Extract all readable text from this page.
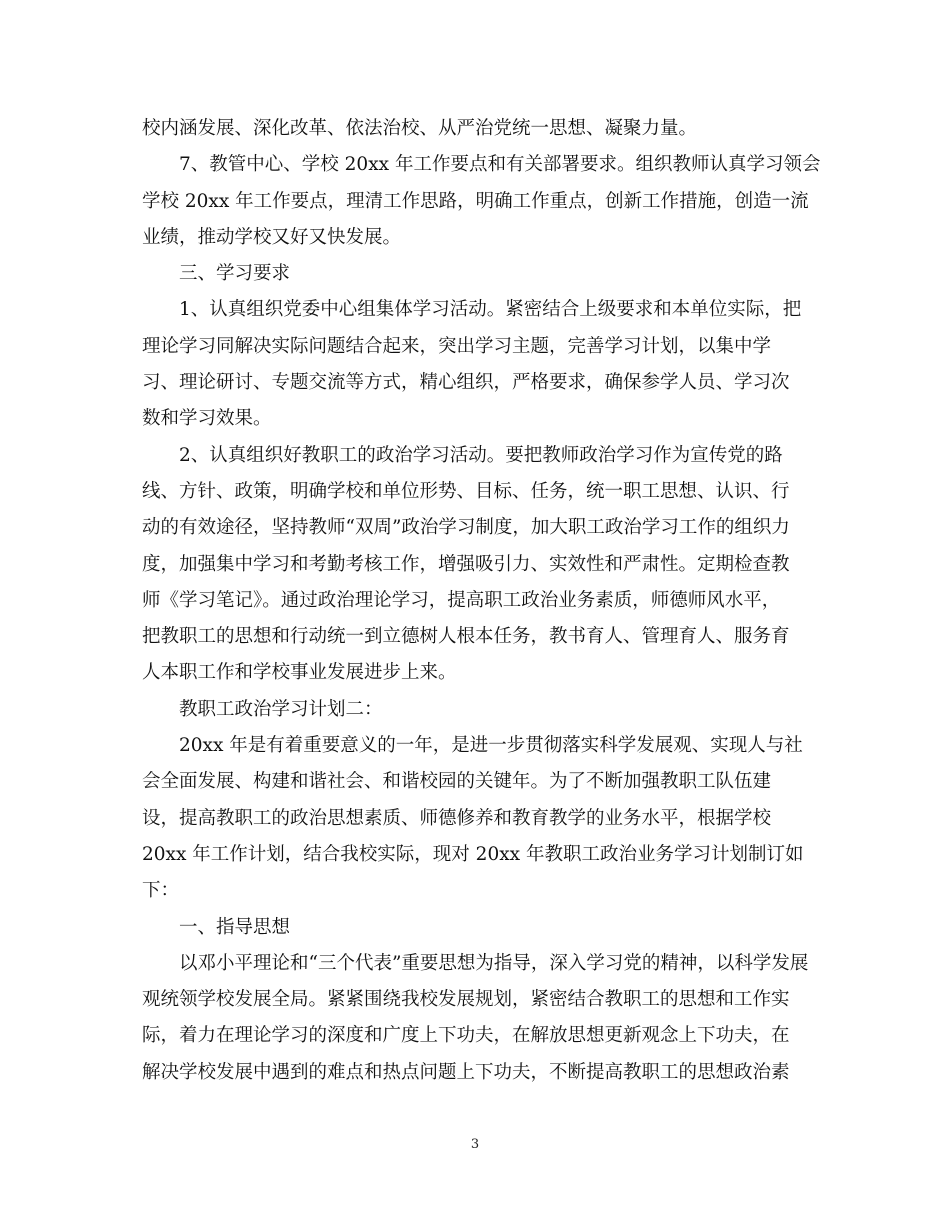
校内涵发展、深化改革、依法治校、从严治党统一思想、凝聚力量。
7、教管中心、学校 20xx 年工作要点和有关部署要求。组织教师认真学习领会
学校 20xx 年工作要点，理清工作思路，明确工作重点，创新工作措施，创造一流
业绩，推动学校又好又快发展。
三、学习要求
1、认真组织党委中心组集体学习活动。紧密结合上级要求和本单位实际，把
理论学习同解决实际问题结合起来，突出学习主题，完善学习计划，以集中学
习、理论研讨、专题交流等方式，精心组织，严格要求，确保参学人员、学习次
数和学习效果。
2、认真组织好教职工的政治学习活动。要把教师政治学习作为宣传党的路
线、方针、政策，明确学校和单位形势、目标、任务，统一职工思想、认识、行
动的有效途径，坚持教师“双周”政治学习制度，加大职工政治学习工作的组织力
度，加强集中学习和考勤考核工作，增强吸引力、实效性和严肃性。定期检查教
师《学习笔记》。通过政治理论学习，提高职工政治业务素质，师德师风水平，
把教职工的思想和行动统一到立德树人根本任务，教书育人、管理育人、服务育
人本职工作和学校事业发展进步上来。
教职工政治学习计划二：
20xx 年是有着重要意义的一年，是进一步贯彻落实科学发展观、实现人与社
会全面发展、构建和谐社会、和谐校园的关键年。为了不断加强教职工队伍建
设，提高教职工的政治思想素质、师德修养和教育教学的业务水平，根据学校
20xx 年工作计划，结合我校实际，现对 20xx 年教职工政治业务学习计划制订如
下：
一、指导思想
以邓小平理论和“三个代表”重要思想为指导，深入学习党的精神，以科学发展
观统领学校发展全局。紧紧围绕我校发展规划，紧密结合教职工的思想和工作实
际，着力在理论学习的深度和广度上下功夫，在解放思想更新观念上下功夫，在
解决学校发展中遇到的难点和热点问题上下功夫，不断提高教职工的思想政治素
3
